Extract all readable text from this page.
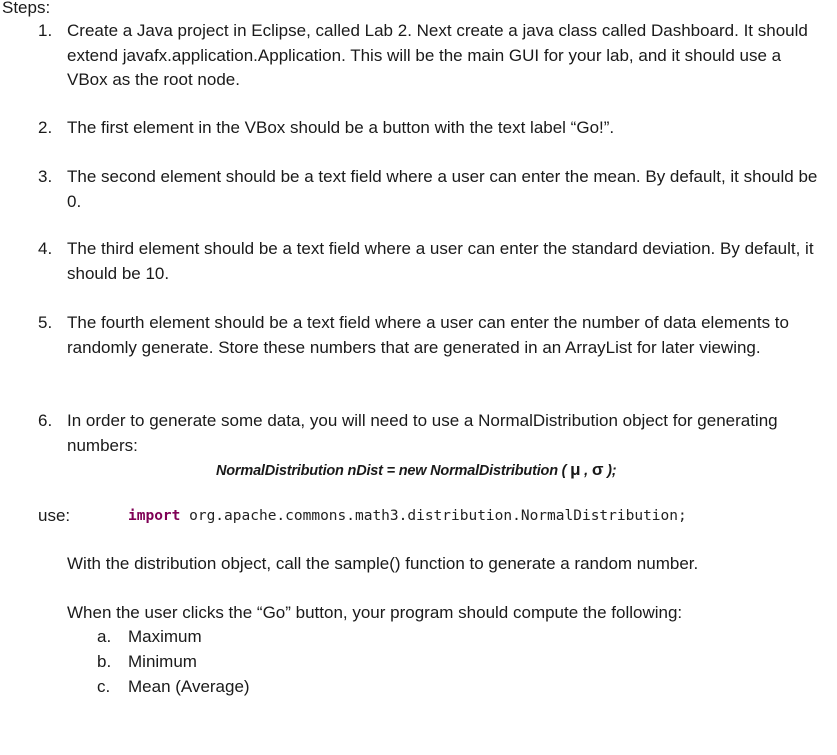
Steps:
1. Create a Java project in Eclipse, called Lab 2. Next create a java class called Dashboard. It should extend javafx.application.Application. This will be the main GUI for your lab, and it should use a VBox as the root node.
2. The first element in the VBox should be a button with the text label “Go!”.
3. The second element should be a text field where a user can enter the mean. By default, it should be 0.
4. The third element should be a text field where a user can enter the standard deviation. By default, it should be 10.
5. The fourth element should be a text field where a user can enter the number of data elements to randomly generate. Store these numbers that are generated in an ArrayList for later viewing.
6. In order to generate some data, you will need to use a NormalDistribution object for generating numbers:
NormalDistribution nDist = new NormalDistribution ( μ , σ );
use:	import org.apache.commons.math3.distribution.NormalDistribution;
With the distribution object, call the sample() function to generate a random number.
When the user clicks the “Go” button, your program should compute the following:
a. Maximum
b. Minimum
c. Mean (Average)
